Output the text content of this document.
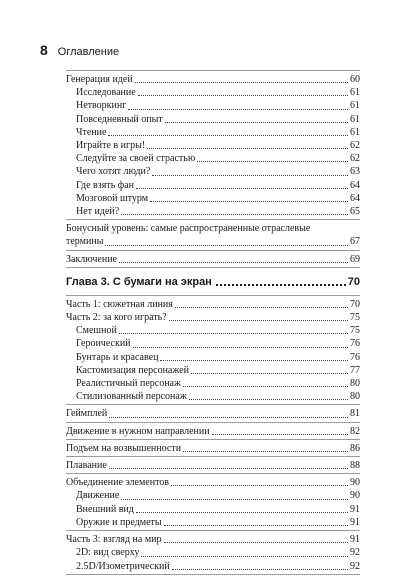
8 Оглавление
Генерация идей	60
Исследование	61
Нетворкинг	61
Повседневный опыт	61
Чтение	61
Играйте в игры!	62
Следуйте за своей страстью	62
Чего хотят люди?	63
Где взять фан	64
Мозговой штурм	64
Нет идей?	65
Бонусный уровень: самые распространенные отраслевые
термины	67
Заключение	69
Глава 3. С бумаги на экран	70
Часть 1: сюжетная линия	70
Часть 2: за кого играть?	75
Смешной	75
Героический	76
Бунтарь и красавец	76
Кастомизация персонажей	77
Реалистичный персонаж	80
Стилизованный персонаж	80
Геймплей	81
Движение в нужном направлении	82
Подъем на возвышенности	86
Плавание	88
Объединение элементов	90
Движение	90
Внешний вид	91
Оружие и предметы	91
Часть 3: взгляд на мир	91
2D: вид сверху	92
2.5D/Изометрический	92
